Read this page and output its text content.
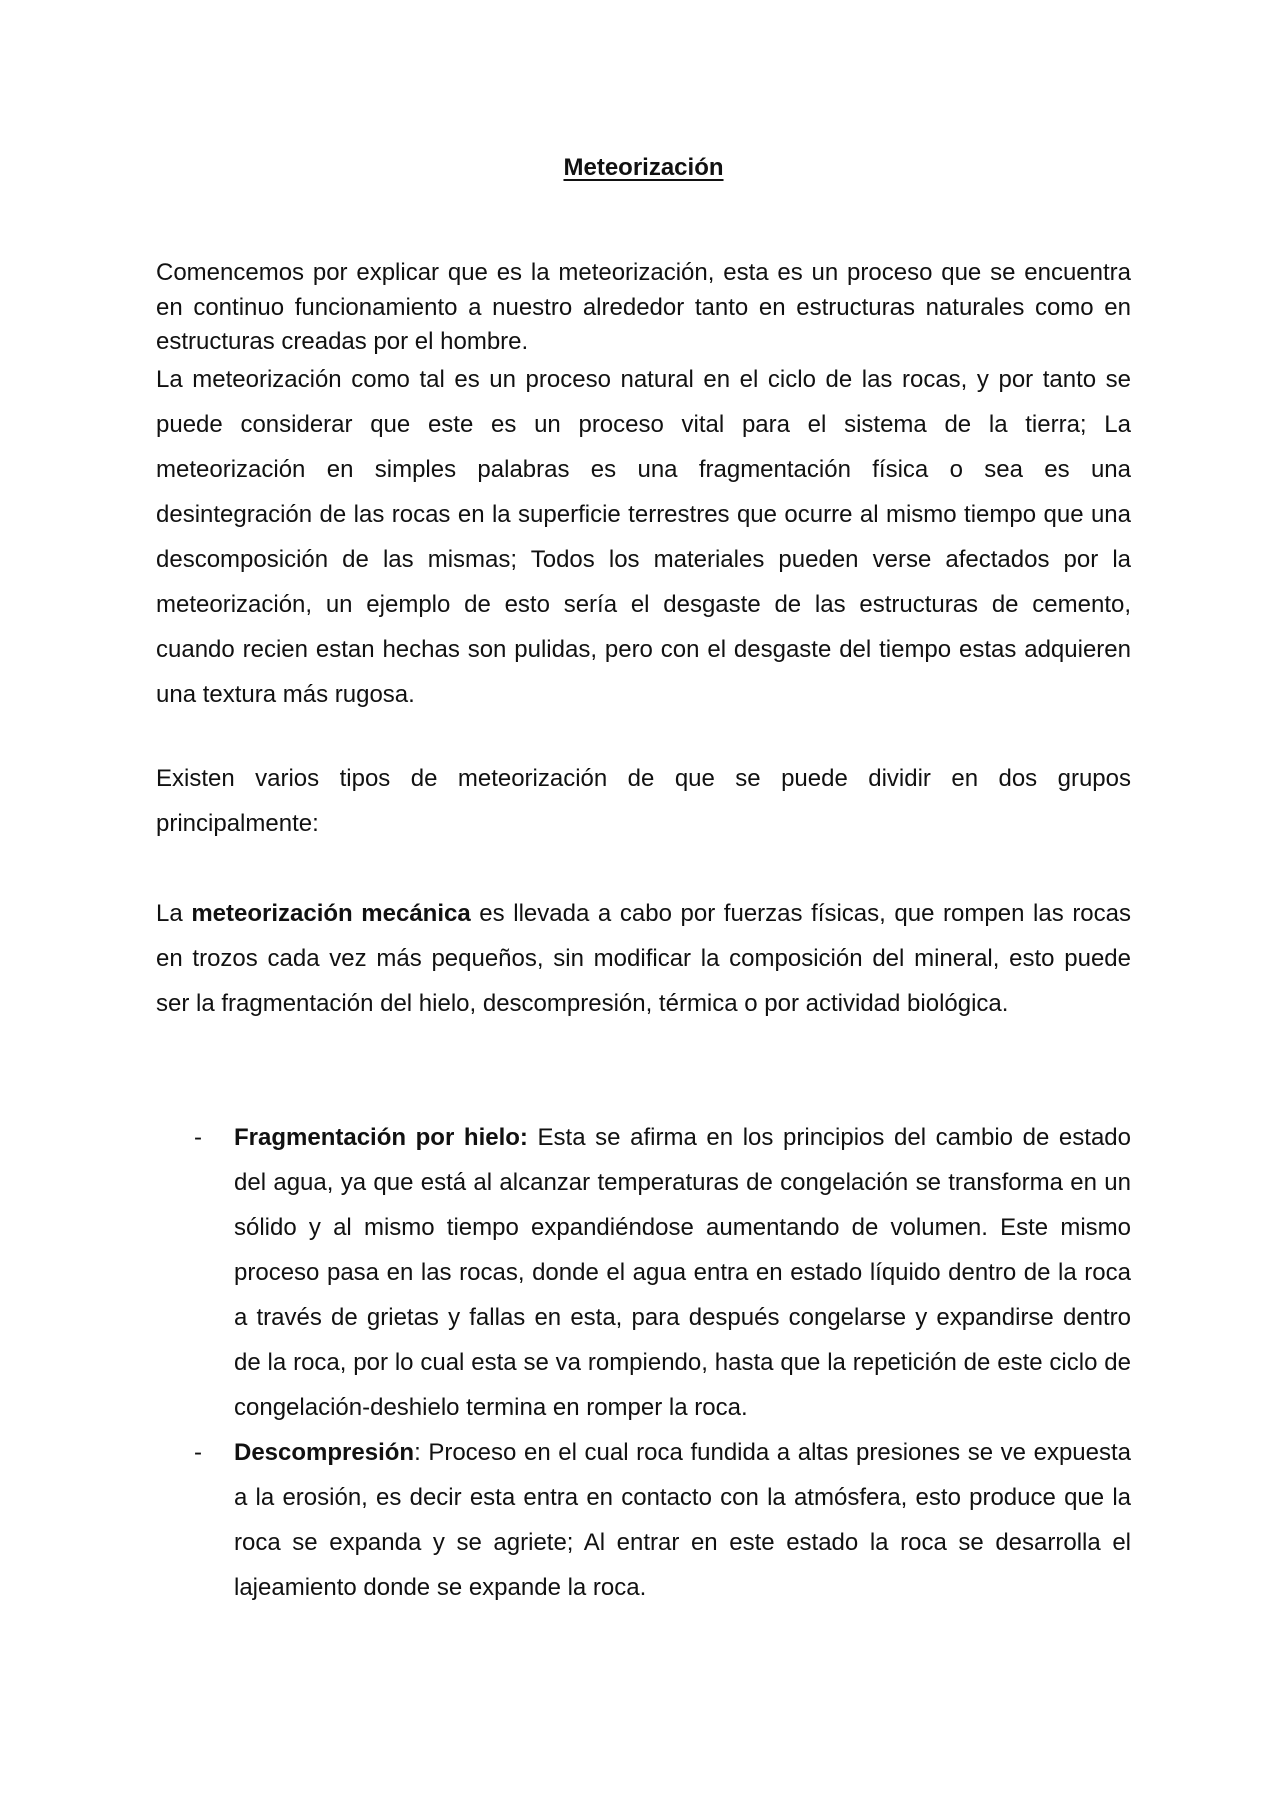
Meteorización

Comencemos por explicar que es la meteorización, esta es un proceso que se encuentra en continuo funcionamiento a nuestro alrededor tanto en estructuras naturales como en estructuras creadas por el hombre.

La meteorización como tal es un proceso natural en el ciclo de las rocas, y por tanto se puede considerar que este es un proceso vital para el sistema de la tierra; La meteorización en simples palabras es una fragmentación física o sea es una desintegración de las rocas en la superficie terrestres que ocurre al mismo tiempo que una descomposición de las mismas; Todos los materiales pueden verse afectados por la meteorización, un ejemplo de esto sería el desgaste de las estructuras de cemento, cuando recien estan hechas son pulidas, pero con el desgaste del tiempo estas adquieren una textura más rugosa.

Existen varios tipos de meteorización de que se puede dividir en dos grupos principalmente:

La meteorización mecánica es llevada a cabo por fuerzas físicas, que rompen las rocas en trozos cada vez más pequeños, sin modificar la composición del mineral, esto puede ser la fragmentación del hielo, descompresión, térmica o por actividad biológica.

- Fragmentación por hielo: Esta se afirma en los principios del cambio de estado del agua, ya que está al alcanzar temperaturas de congelación se transforma en un sólido y al mismo tiempo expandiéndose aumentando de volumen. Este mismo proceso pasa en las rocas, donde el agua entra en estado líquido dentro de la roca a través de grietas y fallas en esta, para después congelarse y expandirse dentro de la roca, por lo cual esta se va rompiendo, hasta que la repetición de este ciclo de congelación-deshielo termina en romper la roca.
- Descompresión: Proceso en el cual roca fundida a altas presiones se ve expuesta a la erosión, es decir esta entra en contacto con la atmósfera, esto produce que la roca se expanda y se agriete; Al entrar en este estado la roca se desarrolla el lajeamiento donde se expande la roca.
